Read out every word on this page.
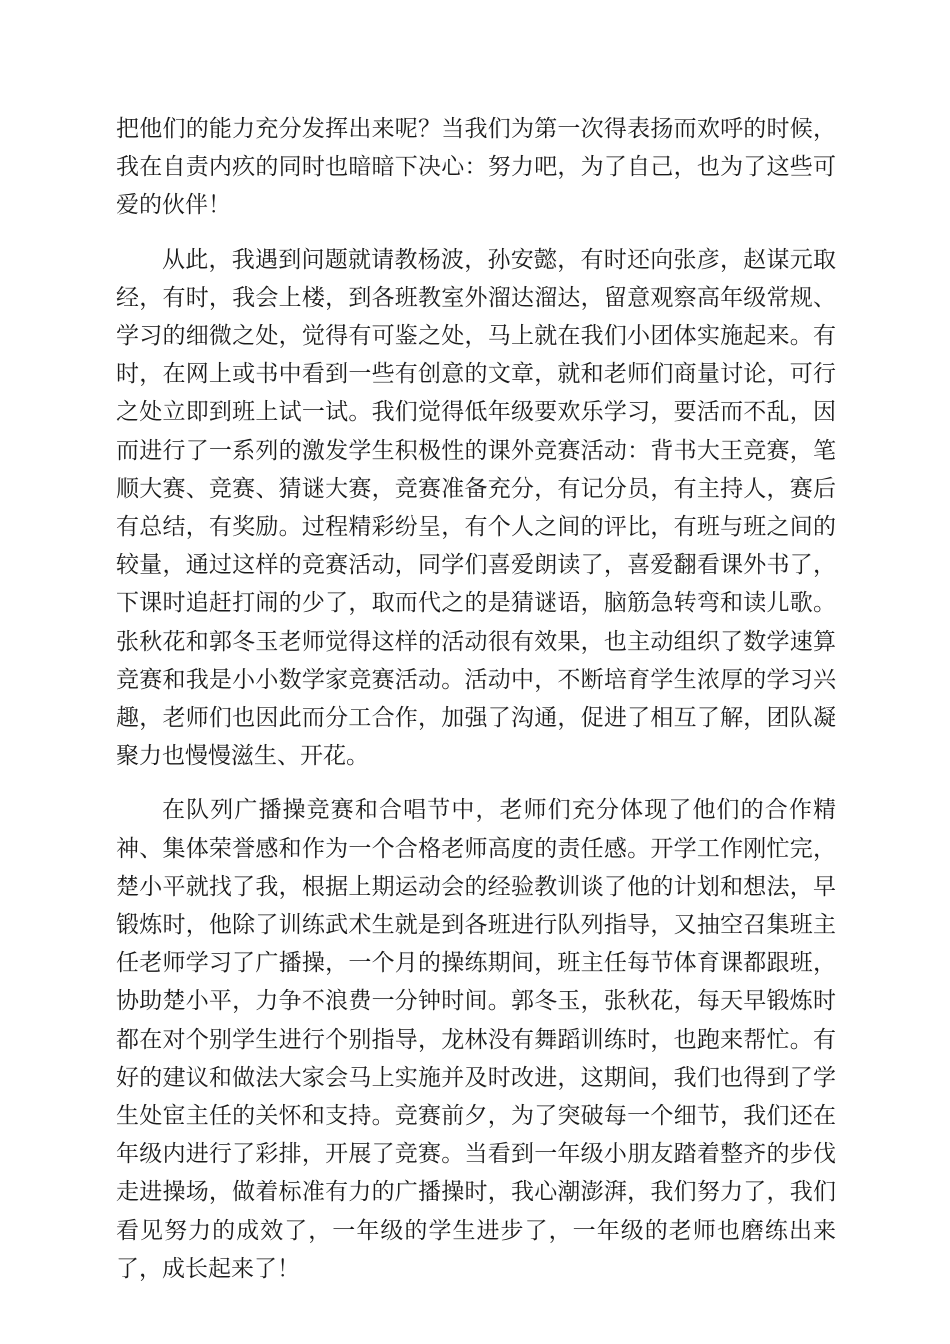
把他们的能力充分发挥出来呢？当我们为第一次得表扬而欢呼的时候，我在自责内疚的同时也暗暗下决心：努力吧，为了自己，也为了这些可爱的伙伴！

从此，我遇到问题就请教杨波，孙安懿，有时还向张彦，赵谋元取经，有时，我会上楼，到各班教室外溜达溜达，留意观察高年级常规、学习的细微之处，觉得有可鉴之处，马上就在我们小团体实施起来。有时，在网上或书中看到一些有创意的文章，就和老师们商量讨论，可行之处立即到班上试一试。我们觉得低年级要欢乐学习，要活而不乱，因而进行了一系列的激发学生积极性的课外竞赛活动：背书大王竞赛，笔顺大赛、竞赛、猜谜大赛，竞赛准备充分，有记分员，有主持人，赛后有总结，有奖励。过程精彩纷呈，有个人之间的评比，有班与班之间的较量，通过这样的竞赛活动，同学们喜爱朗读了，喜爱翻看课外书了，下课时追赶打闹的少了，取而代之的是猜谜语，脑筋急转弯和读儿歌。张秋花和郭冬玉老师觉得这样的活动很有效果，也主动组织了数学速算竞赛和我是小小数学家竞赛活动。活动中，不断培育学生浓厚的学习兴趣，老师们也因此而分工合作，加强了沟通，促进了相互了解，团队凝聚力也慢慢滋生、开花。

在队列广播操竞赛和合唱节中，老师们充分体现了他们的合作精神、集体荣誉感和作为一个合格老师高度的责任感。开学工作刚忙完，楚小平就找了我，根据上期运动会的经验教训谈了他的计划和想法，早锻炼时，他除了训练武术生就是到各班进行队列指导，又抽空召集班主任老师学习了广播操，一个月的操练期间，班主任每节体育课都跟班，协助楚小平，力争不浪费一分钟时间。郭冬玉，张秋花，每天早锻炼时都在对个别学生进行个别指导，龙林没有舞蹈训练时，也跑来帮忙。有好的建议和做法大家会马上实施并及时改进，这期间，我们也得到了学生处宦主任的关怀和支持。竞赛前夕，为了突破每一个细节，我们还在年级内进行了彩排，开展了竞赛。当看到一年级小朋友踏着整齐的步伐走进操场，做着标准有力的广播操时，我心潮澎湃，我们努力了，我们看见努力的成效了，一年级的学生进步了，一年级的老师也磨练出来了，成长起来了！
